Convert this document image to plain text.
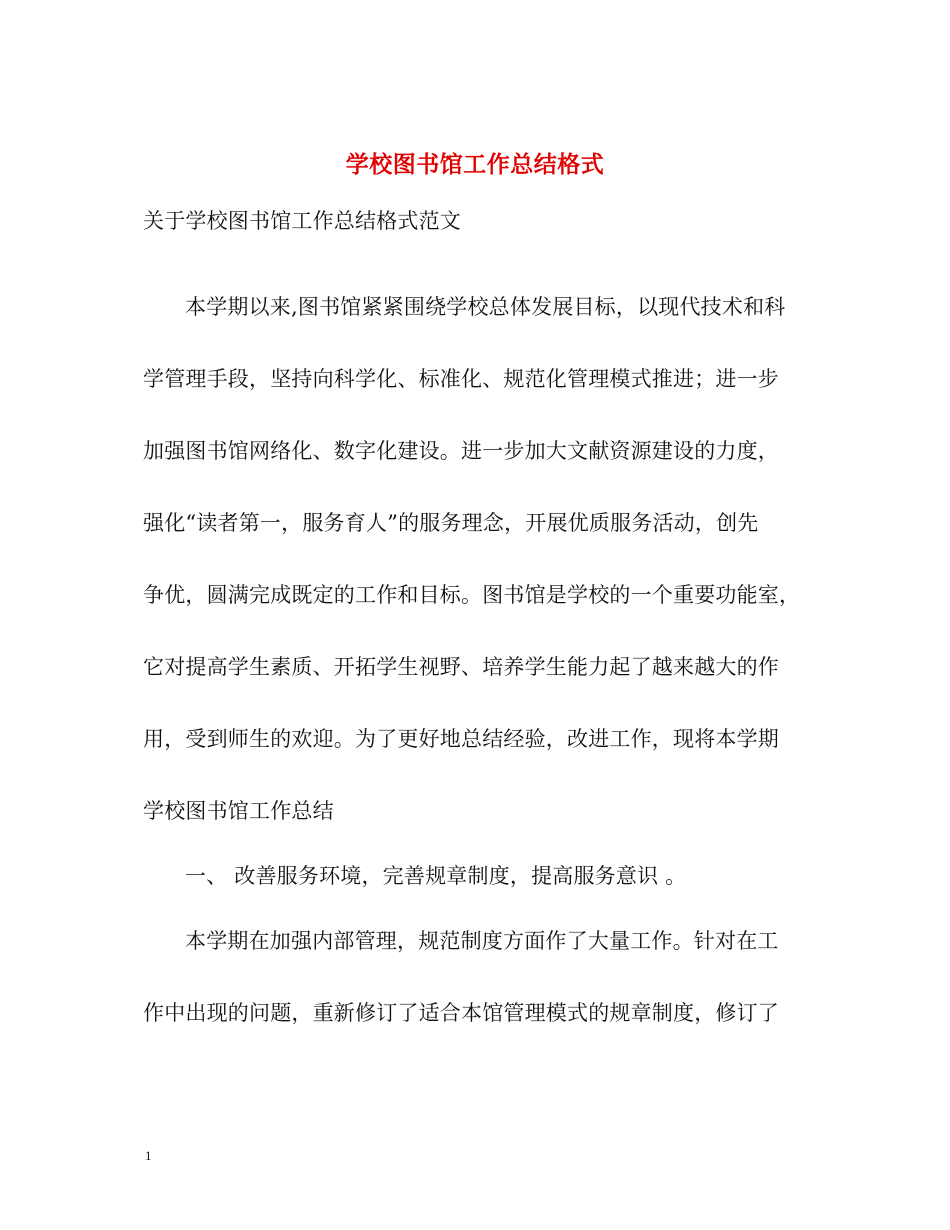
学校图书馆工作总结格式
关于学校图书馆工作总结格式范文
本学期以来,图书馆紧紧围绕学校总体发展目标，以现代技术和科
学管理手段，坚持向科学化、标准化、规范化管理模式推进；进一步
加强图书馆网络化、数字化建设。进一步加大文献资源建设的力度，
强化“读者第一，服务育人”的服务理念，开展优质服务活动，创先
争优，圆满完成既定的工作和目标。图书馆是学校的一个重要功能室，
它对提高学生素质、开拓学生视野、培养学生能力起了越来越大的作
用，受到师生的欢迎。为了更好地总结经验，改进工作，现将本学期
学校图书馆工作总结
一、 改善服务环境，完善规章制度，提高服务意识 。
本学期在加强内部管理，规范制度方面作了大量工作。针对在工
作中出现的问题，重新修订了适合本馆管理模式的规章制度，修订了
1
